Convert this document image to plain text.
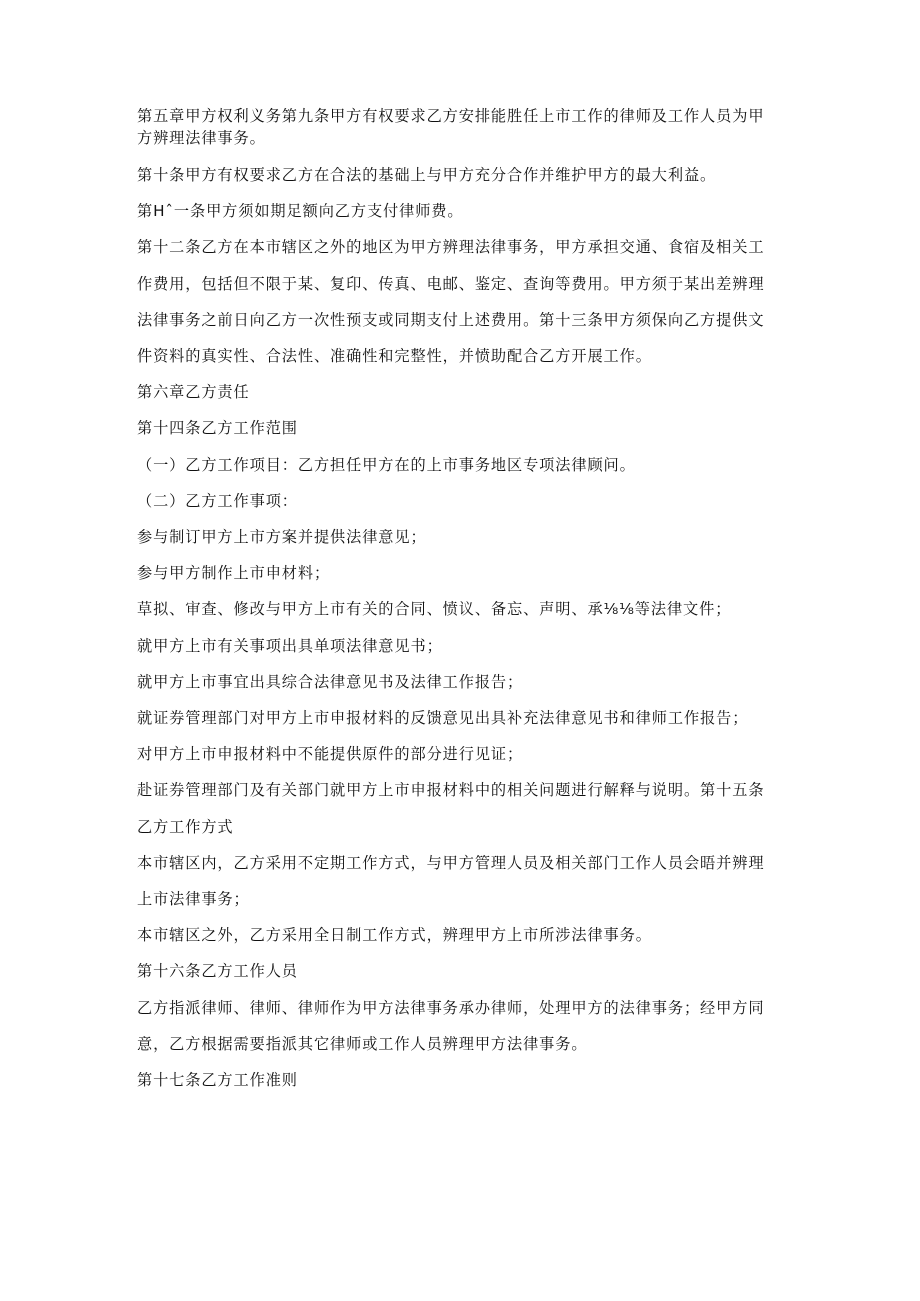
第五章甲方权利义务第九条甲方有权要求乙方安排能胜任上市工作的律师及工作人员为甲方辨理法律事务。

第十条甲方有权要求乙方在合法的基础上与甲方充分合作并维护甲方的最大利益。

第Hˆ一条甲方须如期足额向乙方支付律师费。

第十二条乙方在本市辖区之外的地区为甲方辨理法律事务，甲方承担交通、食宿及相关工作费用，包括但不限于某、复印、传真、电邮、鉴定、查询等费用。甲方须于某出差辨理法律事务之前日向乙方一次性预支或同期支付上述费用。第十三条甲方须保向乙方提供文件资料的真实性、合法性、准确性和完整性，并愤助配合乙方开展工作。

第六章乙方责任

第十四条乙方工作范围

（一）乙方工作项目：乙方担任甲方在的上市事务地区专项法律顾问。

（二）乙方工作事项：

参与制订甲方上市方案并提供法律意见；

参与甲方制作上市申材料；

草拟、审查、修改与甲方上市有关的合同、愤议、备忘、声明、承⅛⅛等法律文件；

就甲方上市有关事项出具单项法律意见书；

就甲方上市事宜出具综合法律意见书及法律工作报告；

就证券管理部门对甲方上市申报材料的反馈意见出具补充法律意见书和律师工作报告；

对甲方上市申报材料中不能提供原件的部分进行见证；

赴证券管理部门及有关部门就甲方上市申报材料中的相关问题进行解释与说明。第十五条乙方工作方式

本市辖区内，乙方采用不定期工作方式，与甲方管理人员及相关部门工作人员会晤并辨理上市法律事务；

本市辖区之外，乙方采用全日制工作方式，辨理甲方上市所涉法律事务。

第十六条乙方工作人员

乙方指派律师、律师、律师作为甲方法律事务承办律师，处理甲方的法律事务；经甲方同意，乙方根据需要指派其它律师或工作人员辨理甲方法律事务。

第十七条乙方工作准则
